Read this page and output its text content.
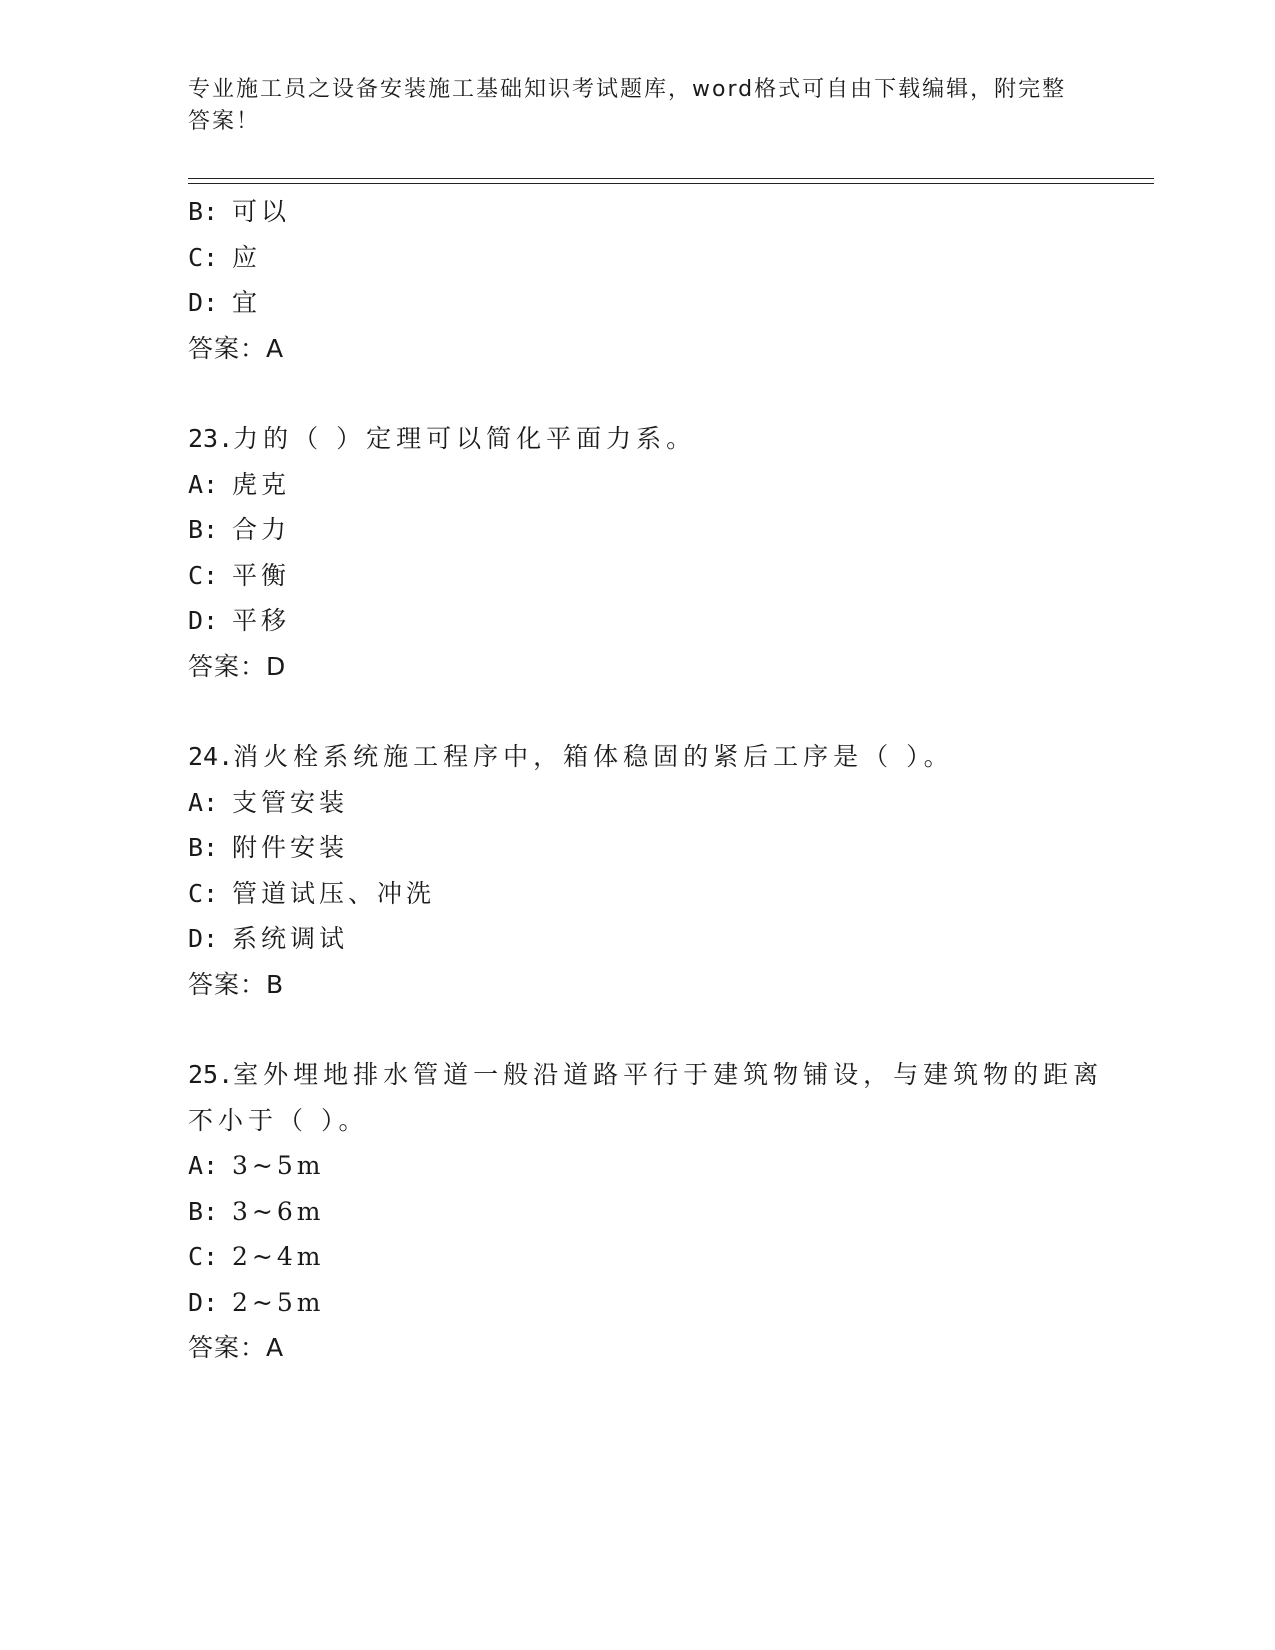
专业施工员之设备安装施工基础知识考试题库，word格式可自由下载编辑，附完整答案！
B: 可以
C: 应
D: 宜
答案：A
23.力的（ ）定理可以简化平面力系。
A: 虎克
B: 合力
C: 平衡
D: 平移
答案：D
24.消火栓系统施工程序中，箱体稳固的紧后工序是（ ）。
A: 支管安装
B: 附件安装
C: 管道试压、冲洗
D: 系统调试
答案：B
25.室外埋地排水管道一般沿道路平行于建筑物铺设，与建筑物的距离
不小于（ ）。
A: 3~5m
B: 3~6m
C: 2~4m
D: 2~5m
答案：A
